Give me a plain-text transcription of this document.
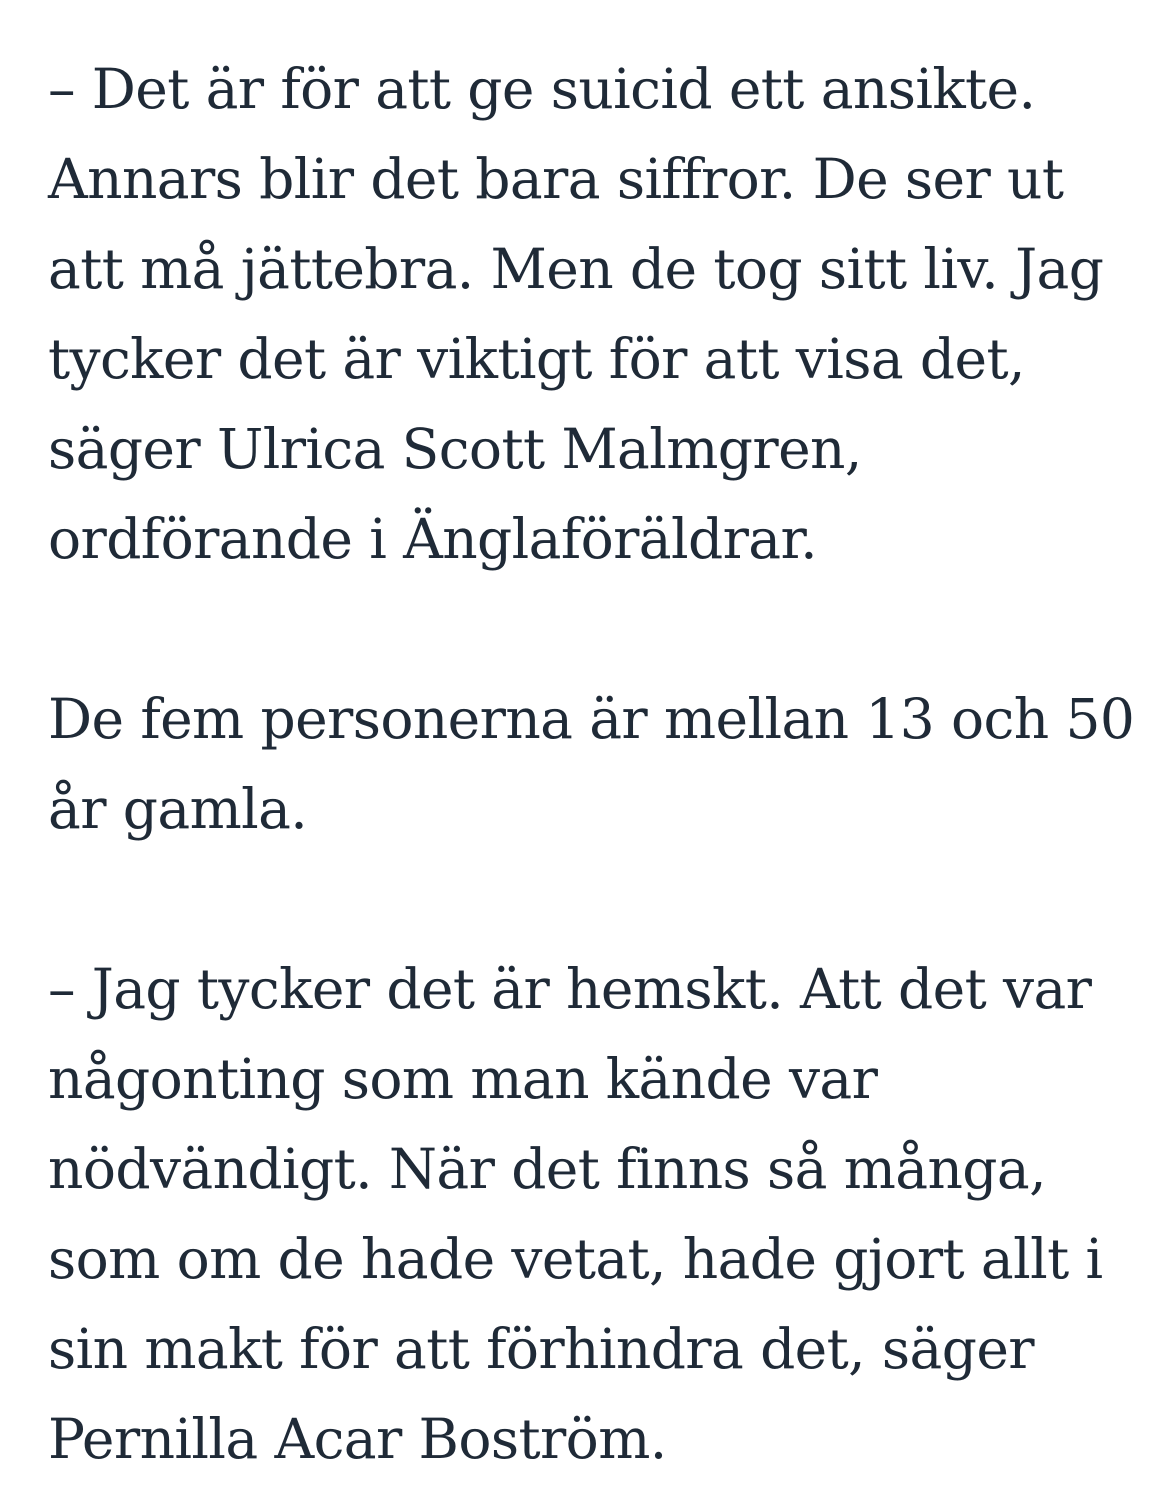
– Det är för att ge suicid ett ansikte.
Annars blir det bara siffror. De ser ut
att må jättebra. Men de tog sitt liv. Jag
tycker det är viktigt för att visa det,
säger Ulrica Scott Malmgren,
ordförande i Änglaföräldrar.

De fem personerna är mellan 13 och 50
år gamla.

– Jag tycker det är hemskt. Att det var
någonting som man kände var
nödvändigt. När det finns så många,
som om de hade vetat, hade gjort allt i
sin makt för att förhindra det, säger
Pernilla Acar Boström.
